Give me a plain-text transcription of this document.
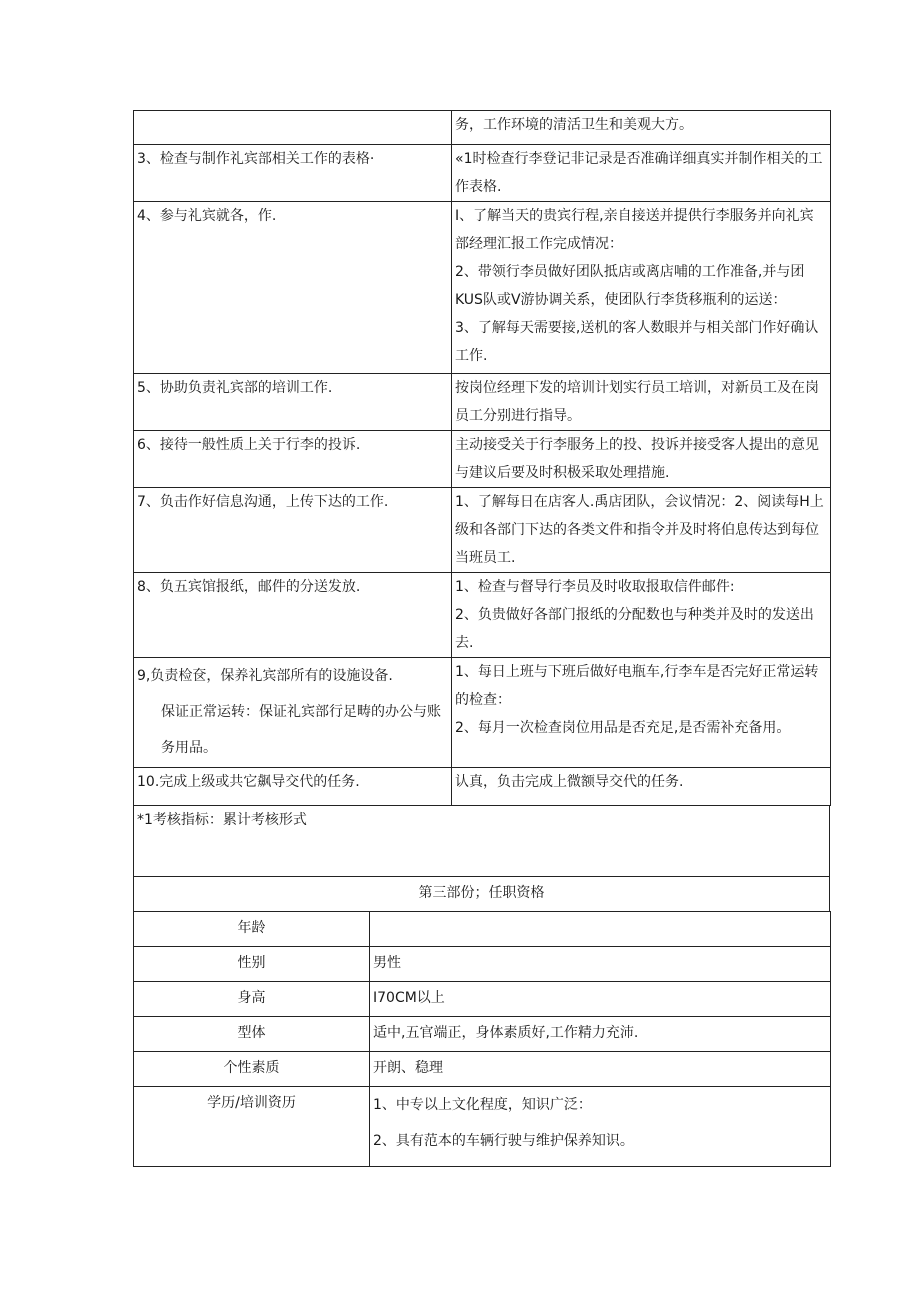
	务，工作环境的清活卫生和美观大方。

3、检查与制作礼宾部相关工作的表格·	«1时检查行李登记非记录是否准确详细真实并制作相关的工作表格.

4、参与礼宾就各，作.	I、了解当天的贵宾行程,亲自接送并提供行李服务并向礼宾部经理汇报工作完成情况：
2、带领行李员做好团队抵店或离店哺的工作准备,并与团KUS队或V游协调关系，使团队行李货移瓶利的运送：
3、了解每天需要接,送机的客人数眼并与相关部门作好确认工作.

5、协助负责礼宾部的培训工作.	按岗位经理下发的培训计划实行员工培训，对新员工及在岗员工分别进行指导。

6、接待一般性质上关于行李的投诉.	主动接受关于行李服务上的投、投诉并接受客人提出的意见与建议后要及时积极采取处理措施.

7、负击作好信息沟通，上传下达的工作.	1、了解每日在店客人.禹店团队，会议情况：2、阅读每H上级和各部门下达的各类文件和指令并及时将伯息传达到每位当班员工.

8、负五宾馆报纸，邮件的分送发放.	1、检查与督导行李员及时收取报取信件邮件:
2、负贵做好各部门报纸的分配数也与种类并及时的发送出去.

9,负责检奁，保养礼宾部所有的设施设备.
保证正常运转：保证礼宾部行足畴的办公与账务用品。	1、每日上班与下班后做好电瓶车,行李车是否完好正常运转的检查：
2、每月一次检查岗位用品是否充足,是否需补充备用。

10.完成上级或共它飙导交代的任务.	认真，负击完成上微额导交代的任务.
*1考核指标：累计考核形式
第三部份；任职资格
年龄	

性别	男性

身高	I70CM以上

型体	适中,五官端正，身体素质好,工作精力充沛.

个性素质	开朗、稳理

学历/培训资历	1、中专以上文化程度，知识广泛：
2、具有范本的车辆行驶与维护保养知识。
